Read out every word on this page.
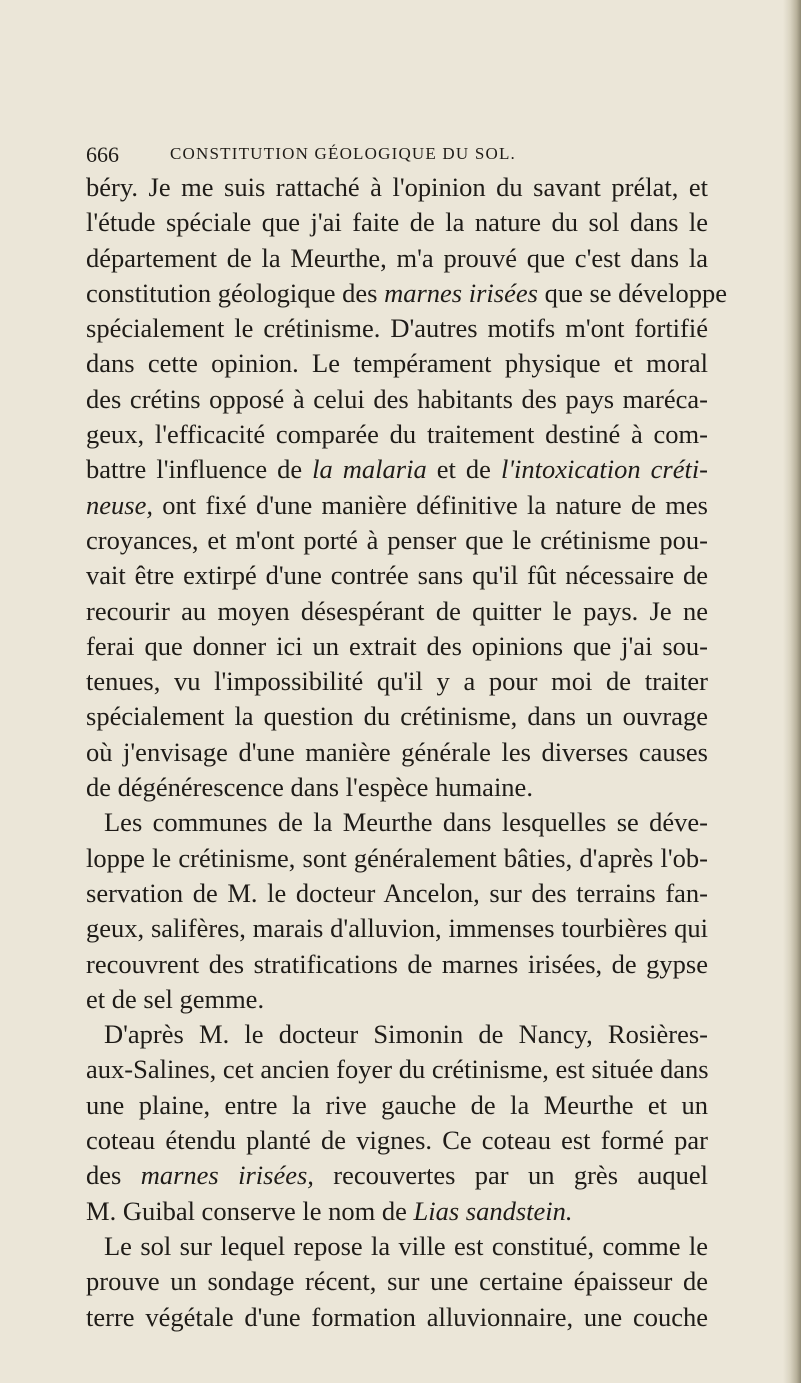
666	CONSTITUTION GÉOLOGIQUE DU SOL.
béry. Je me suis rattaché à l'opinion du savant prélat, et
l'étude spéciale que j'ai faite de la nature du sol dans le
département de la Meurthe, m'a prouvé que c'est dans la
constitution géologique des marnes irisées que se développe
spécialement le crétinisme. D'autres motifs m'ont fortifié
dans cette opinion. Le tempérament physique et moral
des crétins opposé à celui des habitants des pays maréca-
geux, l'efficacité comparée du traitement destiné à com-
battre l'influence de la malaria et de l'intoxication créti-
neuse, ont fixé d'une manière définitive la nature de mes
croyances, et m'ont porté à penser que le crétinisme pou-
vait être extirpé d'une contrée sans qu'il fût nécessaire de
recourir au moyen désespérant de quitter le pays. Je ne
ferai que donner ici un extrait des opinions que j'ai sou-
tenues, vu l'impossibilité qu'il y a pour moi de traiter
spécialement la question du crétinisme, dans un ouvrage
où j'envisage d'une manière générale les diverses causes
de dégénérescence dans l'espèce humaine.
Les communes de la Meurthe dans lesquelles se déve-
loppe le crétinisme, sont généralement bâties, d'après l'ob-
servation de M. le docteur Ancelon, sur des terrains fan-
geux, salifères, marais d'alluvion, immenses tourbières qui
recouvrent des stratifications de marnes irisées, de gypse
et de sel gemme.
D'après M. le docteur Simonin de Nancy, Rosières-
aux-Salines, cet ancien foyer du crétinisme, est située dans
une plaine, entre la rive gauche de la Meurthe et un
coteau étendu planté de vignes. Ce coteau est formé par
des marnes irisées, recouvertes par un grès auquel
M. Guibal conserve le nom de Lias sandstein.
Le sol sur lequel repose la ville est constitué, comme le
prouve un sondage récent, sur une certaine épaisseur de
terre végétale d'une formation alluvionnaire, une couche
